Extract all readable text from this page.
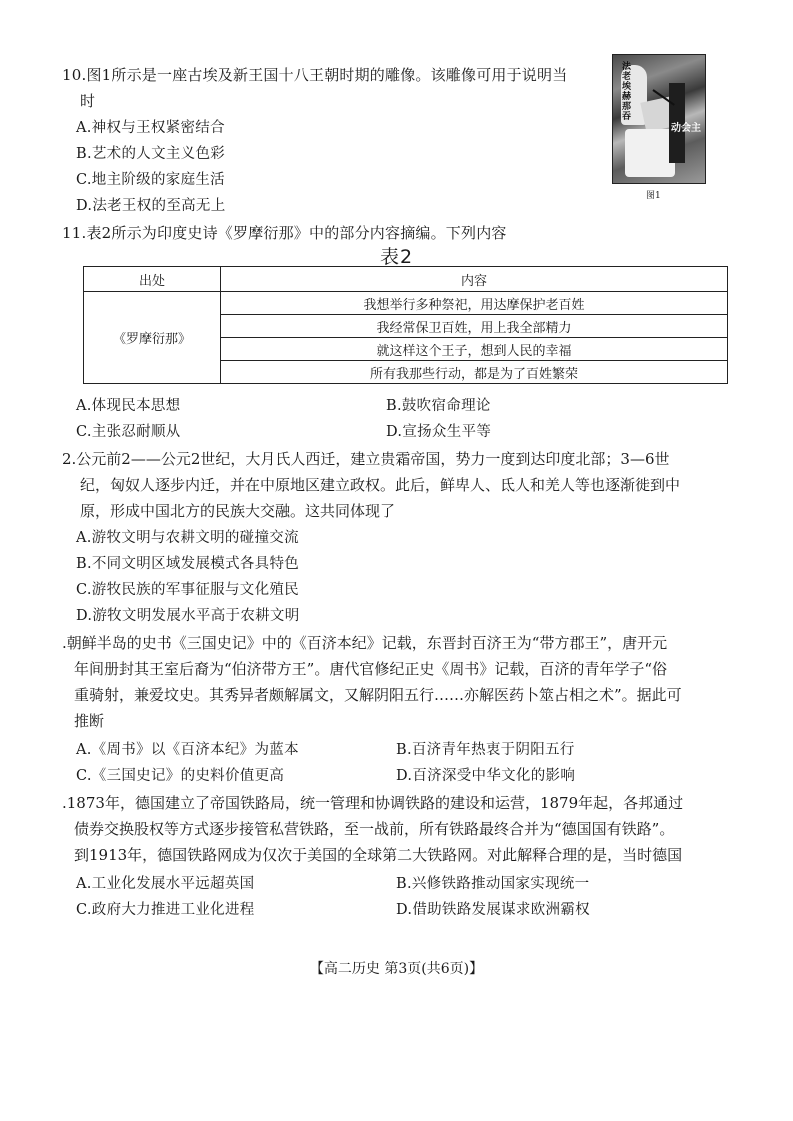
10.图1所示是一座古埃及新王国十八王朝时期的雕像。该雕像可用于说明当
时
A.神权与王权紧密结合
B.艺术的人文主义色彩
C.地主阶级的家庭生活
D.法老王权的至高无上
法老埃赫那吞
动会主
图1
11.表2所示为印度史诗《罗摩衍那》中的部分内容摘编。下列内容
表2
出处	内容
《罗摩衍那》	我想举行多种祭祀，用达摩保护老百姓
	我经常保卫百姓，用上我全部精力
	就这样这个王子，想到人民的幸福
	所有我那些行动，都是为了百姓繁荣
A.体现民本思想	B.鼓吹宿命理论
C.主张忍耐顺从	D.宣扬众生平等
2.公元前2——公元2世纪，大月氏人西迁，建立贵霜帝国，势力一度到达印度北部；3—6世
纪，匈奴人逐步内迁，并在中原地区建立政权。此后，鲜卑人、氐人和羌人等也逐渐徙到中
原，形成中国北方的民族大交融。这共同体现了
A.游牧文明与农耕文明的碰撞交流
B.不同文明区域发展模式各具特色
C.游牧民族的军事征服与文化殖民
D.游牧文明发展水平高于农耕文明
.朝鲜半岛的史书《三国史记》中的《百济本纪》记载，东晋封百济王为“带方郡王”，唐开元
年间册封其王室后裔为“伯济带方王”。唐代官修纪正史《周书》记载，百济的青年学子“俗
重骑射，兼爱坟史。其秀异者颇解属文，又解阴阳五行……亦解医药卜筮占相之术”。据此可
推断
A.《周书》以《百济本纪》为蓝本	B.百济青年热衷于阴阳五行
C.《三国史记》的史料价值更高	D.百济深受中华文化的影响
.1873年，德国建立了帝国铁路局，统一管理和协调铁路的建设和运营，1879年起，各邦通过
债券交换股权等方式逐步接管私营铁路，至一战前，所有铁路最终合并为“德国国有铁路”。
到1913年，德国铁路网成为仅次于美国的全球第二大铁路网。对此解释合理的是，当时德国
A.工业化发展水平远超英国	B.兴修铁路推动国家实现统一
C.政府大力推进工业化进程	D.借助铁路发展谋求欧洲霸权
【高二历史 第3页(共6页)】
